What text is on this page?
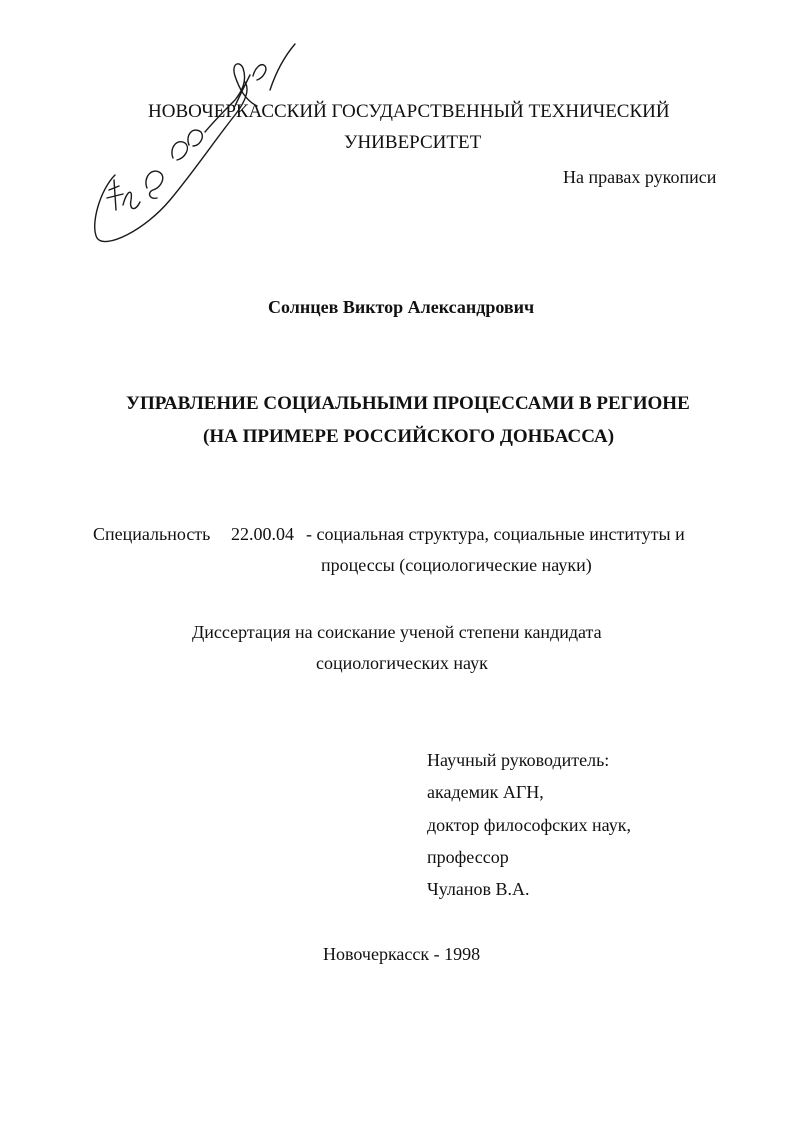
НОВОЧЕРКАССКИЙ ГОСУДАРСТВЕННЫЙ ТЕХНИЧЕСКИЙ
УНИВЕРСИТЕТ
На правах рукописи
Солнцев Виктор Александрович
УПРАВЛЕНИЕ СОЦИАЛЬНЫМИ ПРОЦЕССАМИ В РЕГИОНЕ
(НА ПРИМЕРЕ РОССИЙСКОГО ДОНБАССА)
Специальность 22.00.04 - социальная структура, социальные институты и
процессы (социологические науки)
Диссертация на соискание ученой степени кандидата
социологических наук
Научный руководитель:
академик АГН,
доктор философских наук,
профессор
Чуланов В.А.
Новочеркасск - 1998
